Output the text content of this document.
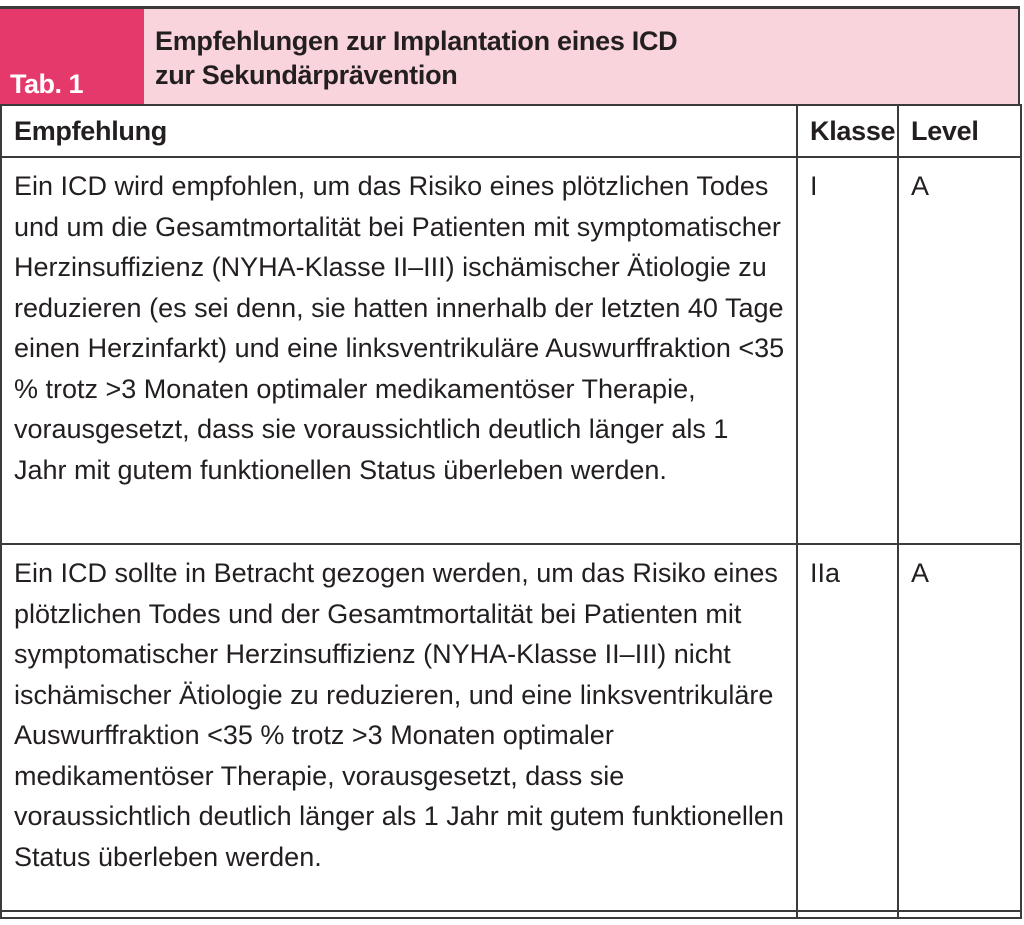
Tab. 1
Empfehlungen zur Implantation eines ICD
zur Sekundärprävention
Empfehlung	Klasse	Level
Ein ICD wird empfohlen, um das Risiko eines plötzlichen Todes und um die Gesamtmortalität bei Patienten mit symptomatischer Herzinsuffizienz (NYHA-Klasse II–III) ischämischer Ätiologie zu reduzieren (es sei denn, sie hatten innerhalb der letzten 40 Tage einen Herzinfarkt) und eine linksventrikuläre Auswurffraktion <35 % trotz >3 Monaten optimaler medikamentöser Therapie, vorausgesetzt, dass sie voraussichtlich deutlich länger als 1 Jahr mit gutem funktionellen Status überleben werden.	I	A
Ein ICD sollte in Betracht gezogen werden, um das Risiko eines plötzlichen Todes und der Gesamtmortalität bei Patienten mit symptomatischer Herzinsuffizienz (NYHA-Klasse II–III) nicht ischämischer Ätiologie zu reduzieren, und eine linksventrikuläre Auswurffraktion <35 % trotz >3 Monaten optimaler medikamentöser Therapie, vorausgesetzt, dass sie voraussichtlich deutlich länger als 1 Jahr mit gutem funktionellen Status überleben werden.	IIa	A
